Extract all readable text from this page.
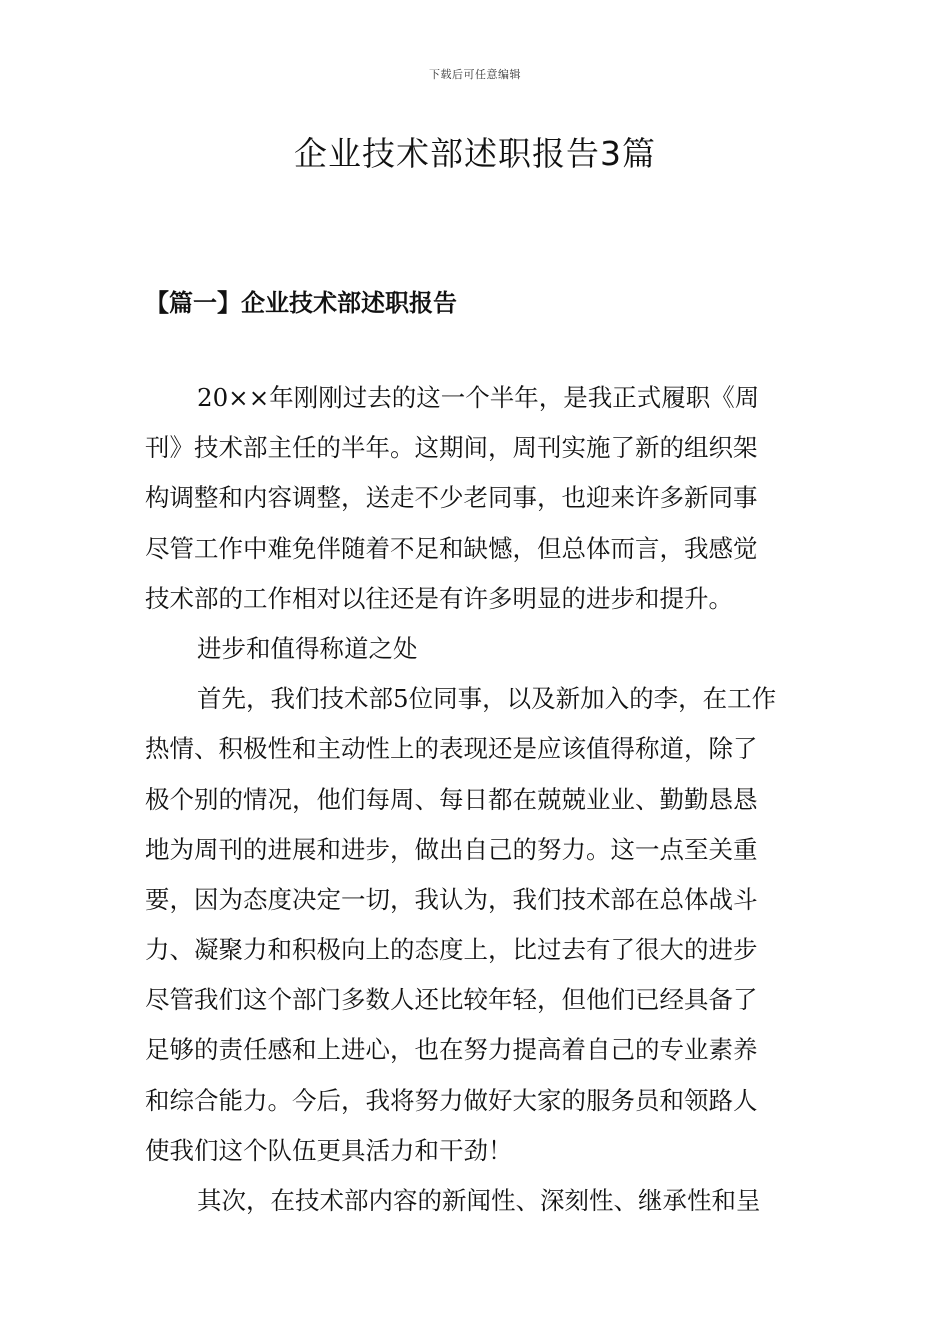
下载后可任意编辑
企业技术部述职报告3篇
【篇一】企业技术部述职报告
20××年刚刚过去的这一个半年，是我正式履职《周
刊》技术部主任的半年。这期间，周刊实施了新的组织架
构调整和内容调整，送走不少老同事，也迎来许多新同事
尽管工作中难免伴随着不足和缺憾，但总体而言，我感觉
技术部的工作相对以往还是有许多明显的进步和提升。
进步和值得称道之处
首先，我们技术部5位同事，以及新加入的李，在工作
热情、积极性和主动性上的表现还是应该值得称道，除了
极个别的情况，他们每周、每日都在兢兢业业、勤勤恳恳
地为周刊的进展和进步，做出自己的努力。这一点至关重
要，因为态度决定一切，我认为，我们技术部在总体战斗
力、凝聚力和积极向上的态度上，比过去有了很大的进步
尽管我们这个部门多数人还比较年轻，但他们已经具备了
足够的责任感和上进心，也在努力提高着自己的专业素养
和综合能力。今后，我将努力做好大家的服务员和领路人
使我们这个队伍更具活力和干劲！
其次，在技术部内容的新闻性、深刻性、继承性和呈
